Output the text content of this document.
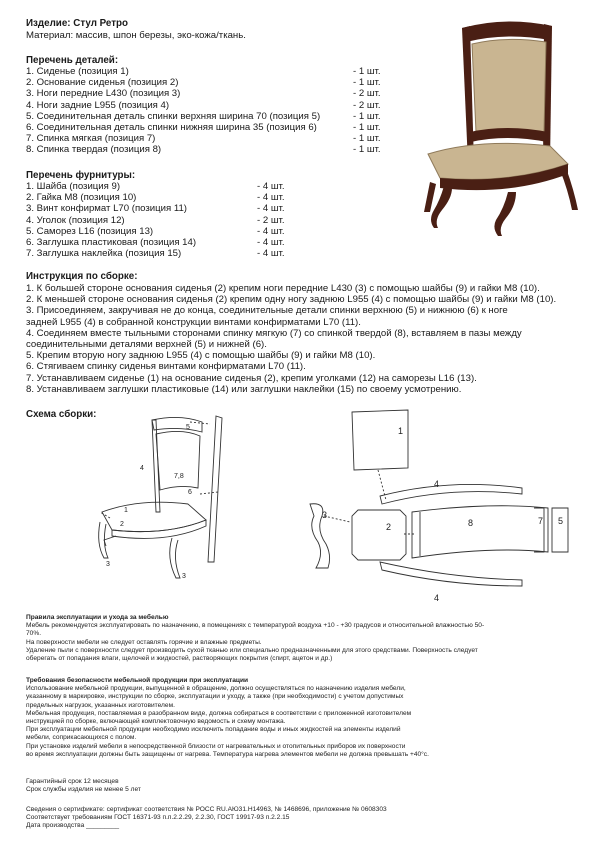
Изделие: Стул Ретро
Материал: массив, шпон березы, эко-кожа/ткань.
Перечень деталей:
1. Сиденье (позиция 1)	- 1 шт.
2. Основание сиденья (позиция 2)	- 1 шт.
3. Ноги передние L430 (позиция 3)	- 2 шт.
4. Ноги задние L955 (позиция 4)	- 2 шт.
5. Соединительная деталь спинки верхняя ширина 70 (позиция 5)	- 1 шт.
6. Соединительная деталь спинки нижняя ширина 35 (позиция 6)	- 1 шт.
7. Спинка мягкая (позиция 7)	- 1 шт.
8. Спинка твердая (позиция 8)	- 1 шт.
Перечень фурнитуры:
1. Шайба (позиция 9)	- 4 шт.
2. Гайка М8 (позиция 10)	- 4 шт.
3. Винт конфирмат L70 (позиция 11)	- 4 шт.
4. Уголок (позиция 12)	- 2 шт.
5. Саморез L16 (позиция 13)	- 4 шт.
6. Заглушка пластиковая (позиция 14)	- 4 шт.
7. Заглушка наклейка (позиция 15)	- 4 шт.
Инструкция по сборке:
1. К большей стороне основания сиденья (2) крепим ноги передние L430 (3) с помощью шайбы (9) и гайки М8 (10).
2. К меньшей стороне основания сиденья (2) крепим одну ногу заднюю L955 (4) с помощью шайбы (9) и гайки М8 (10).
3. Присоединяем, закручивая не до конца, соединительные детали спинки верхнюю (5) и нижнюю (6) к ноге
задней L955 (4) в собранной конструкции винтами конфирматами L70 (11).
4. Соединяем вместе тыльными сторонами спинку мягкую (7) со спинкой твердой (8), вставляем в пазы между
соединительными деталями верхней (5) и нижней (6).
5. Крепим вторую ногу заднюю L955 (4) с помощью шайбы (9) и гайки М8 (10).
6. Стягиваем спинку сиденья винтами конфирматами L70 (11).
7. Устанавливаем сиденье (1) на основание сиденья (2), крепим уголками (12) на саморезы L16 (13).
8. Устанавливаем заглушки пластиковые (14) или заглушки наклейки (15) по своему усмотрению.
Схема сборки:
5
4
7,8
6
1
2
3
3
1
4
3
2	8	7 5
4
Правила эксплуатации и ухода за мебелью
Мебель рекомендуется эксплуатировать по назначению, в помещениях с температурой воздуха +10 - +30 градусов и относительной влажностью 50-
70%.
На поверхности мебели не следует оставлять горячие и влажные предметы.
Удаление пыли с поверхности следует производить сухой тканью или специально предназначенными для этого средствами. Поверхность следует
оберегать от попадания влаги, щелочей и жидкостей, растворяющих покрытия (спирт, ацетон и др.)
Требования безопасности мебельной продукции при эксплуатации
Использование мебельной продукции, выпущенной в обращение, должно осуществляться по назначению изделия мебели,
указанному в маркировке, инструкции по сборке, эксплуатации и уходу, а также (при необходимости) с учетом допустимых
предельных нагрузок, указанных изготовителем.
Мебельная продукция, поставляемая в разобранном виде, должна собираться в соответствии с приложенной изготовителем
инструкцией по сборке, включающей комплектовочную ведомость и схему монтажа.
При эксплуатации мебельной продукции необходимо исключить попадание воды и иных жидкостей на элементы изделий
мебели, соприкасающихся с полом.
При установке изделий мебели в непосредственной близости от нагревательных и отопительных приборов их поверхности
во время эксплуатации должны быть защищены от нагрева. Температура нагрева элементов мебели не должна превышать +40°с.
Гарантийный срок 12 месяцев
Срок службы изделия не менее 5 лет
Сведения о сертификате: сертификат соответствия № РОСС RU.АЮ31.Н14963, № 1468696, приложение № 0608303
Соответствует требованиям ГОСТ 16371-93 п.п.2.2.29, 2.2.30, ГОСТ 19917-93 п.2.2.15
Дата производства _________
